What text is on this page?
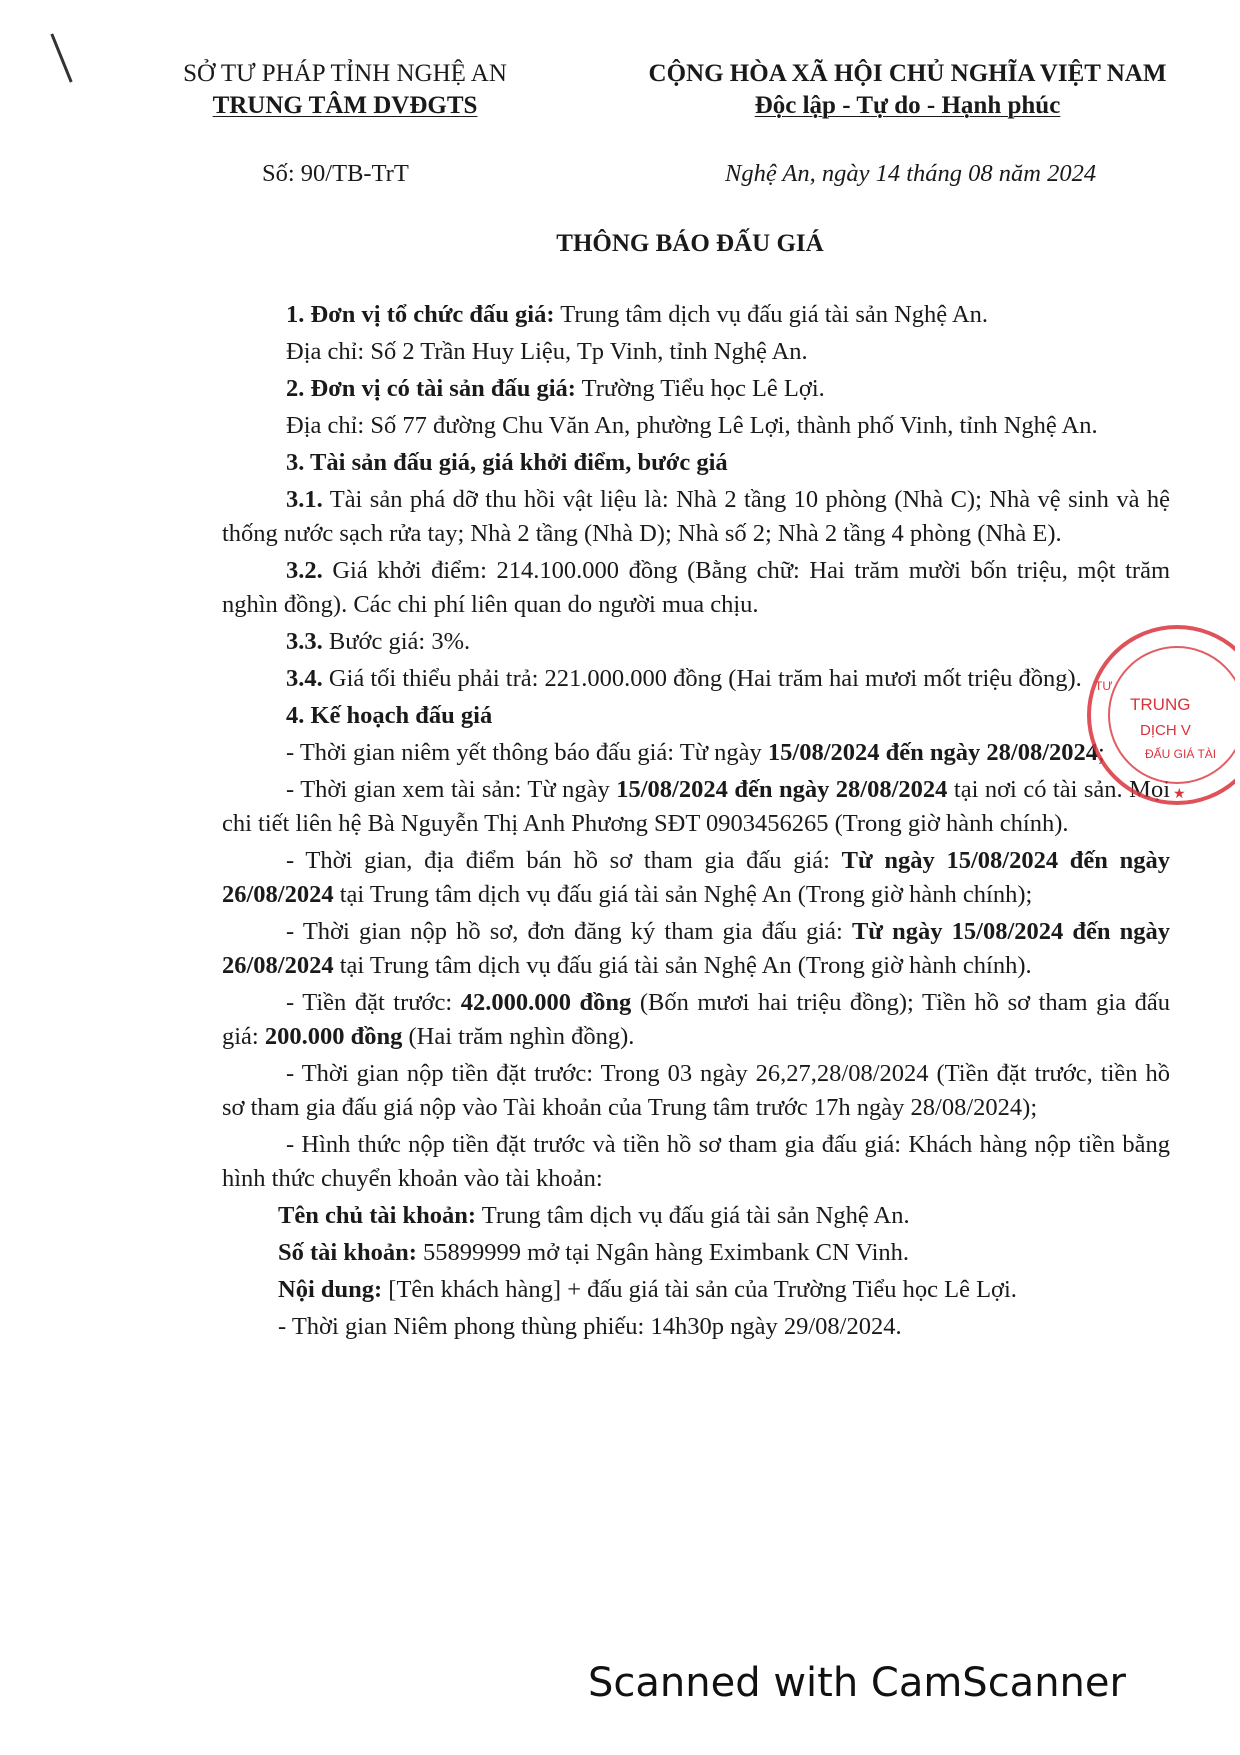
SỞ TƯ PHÁP TỈNH NGHỆ AN
TRUNG TÂM DVĐGTS
CỘNG HÒA XÃ HỘI CHỦ NGHĨA VIỆT NAM
Độc lập - Tự do - Hạnh phúc
Số: 90/TB-TrT	Nghệ An, ngày 14 tháng 08 năm 2024
THÔNG BÁO ĐẤU GIÁ

1. Đơn vị tổ chức đấu giá: Trung tâm dịch vụ đấu giá tài sản Nghệ An.

Địa chỉ: Số 2 Trần Huy Liệu, Tp Vinh, tỉnh Nghệ An.

2. Đơn vị có tài sản đấu giá: Trường Tiểu học Lê Lợi.

Địa chỉ: Số 77 đường Chu Văn An, phường Lê Lợi, thành phố Vinh, tỉnh Nghệ An.

3. Tài sản đấu giá, giá khởi điểm, bước giá

3.1. Tài sản phá dỡ thu hồi vật liệu là: Nhà 2 tầng 10 phòng (Nhà C); Nhà vệ sinh và hệ thống nước sạch rửa tay; Nhà 2 tầng (Nhà D); Nhà số 2; Nhà 2 tầng 4 phòng (Nhà E).

3.2. Giá khởi điểm: 214.100.000 đồng (Bằng chữ: Hai trăm mười bốn triệu, một trăm nghìn đồng). Các chi phí liên quan do người mua chịu.

3.3. Bước giá: 3%.

3.4. Giá tối thiểu phải trả: 221.000.000 đồng (Hai trăm hai mươi mốt triệu đồng).

4. Kế hoạch đấu giá

- Thời gian niêm yết thông báo đấu giá: Từ ngày 15/08/2024 đến ngày 28/08/2024;

- Thời gian xem tài sản: Từ ngày 15/08/2024 đến ngày 28/08/2024 tại nơi có tài sản. Mọi chi tiết liên hệ Bà Nguyễn Thị Anh Phương SĐT 0903456265 (Trong giờ hành chính).

- Thời gian, địa điểm bán hồ sơ tham gia đấu giá: Từ ngày 15/08/2024 đến ngày 26/08/2024 tại Trung tâm dịch vụ đấu giá tài sản Nghệ An (Trong giờ hành chính);

- Thời gian nộp hồ sơ, đơn đăng ký tham gia đấu giá: Từ ngày 15/08/2024 đến ngày 26/08/2024 tại Trung tâm dịch vụ đấu giá tài sản Nghệ An (Trong giờ hành chính).

- Tiền đặt trước: 42.000.000 đồng (Bốn mươi hai triệu đồng); Tiền hồ sơ tham gia đấu giá: 200.000 đồng (Hai trăm nghìn đồng).

- Thời gian nộp tiền đặt trước: Trong 03 ngày 26,27,28/08/2024 (Tiền đặt trước, tiền hồ sơ tham gia đấu giá nộp vào Tài khoản của Trung tâm trước 17h ngày 28/08/2024);

- Hình thức nộp tiền đặt trước và tiền hồ sơ tham gia đấu giá: Khách hàng nộp tiền bằng hình thức chuyển khoản vào tài khoản:

Tên chủ tài khoản: Trung tâm dịch vụ đấu giá tài sản Nghệ An.

Số tài khoản: 55899999 mở tại Ngân hàng Eximbank CN Vinh.

Nội dung: [Tên khách hàng] + đấu giá tài sản của Trường Tiểu học Lê Lợi.

- Thời gian Niêm phong thùng phiếu: 14h30p ngày 29/08/2024.

TRUNG
DỊCH V
ĐẤU GIÁ TÀI
TƯ
★
Scanned with CamScanner
